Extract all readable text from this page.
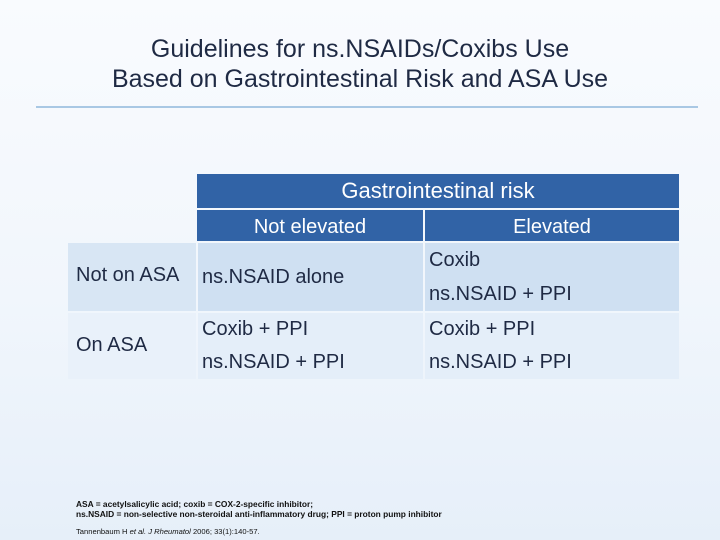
Guidelines for ns.NSAIDs/Coxibs Use
Based on Gastrointestinal Risk and ASA Use
Gastrointestinal risk
Not elevated	Elevated
Not on ASA ns.NSAID alone
Coxib
ns.NSAID + PPI
On ASA
Coxib + PPI
ns.NSAID + PPI
Coxib + PPI
ns.NSAID + PPI
ASA = acetylsalicylic acid; coxib = COX-2-specific inhibitor;
ns.NSAID = non-selective non-steroidal anti-inflammatory drug; PPI = proton pump inhibitor
Tannenbaum H et al. J Rheumatol 2006; 33(1):140-57.
